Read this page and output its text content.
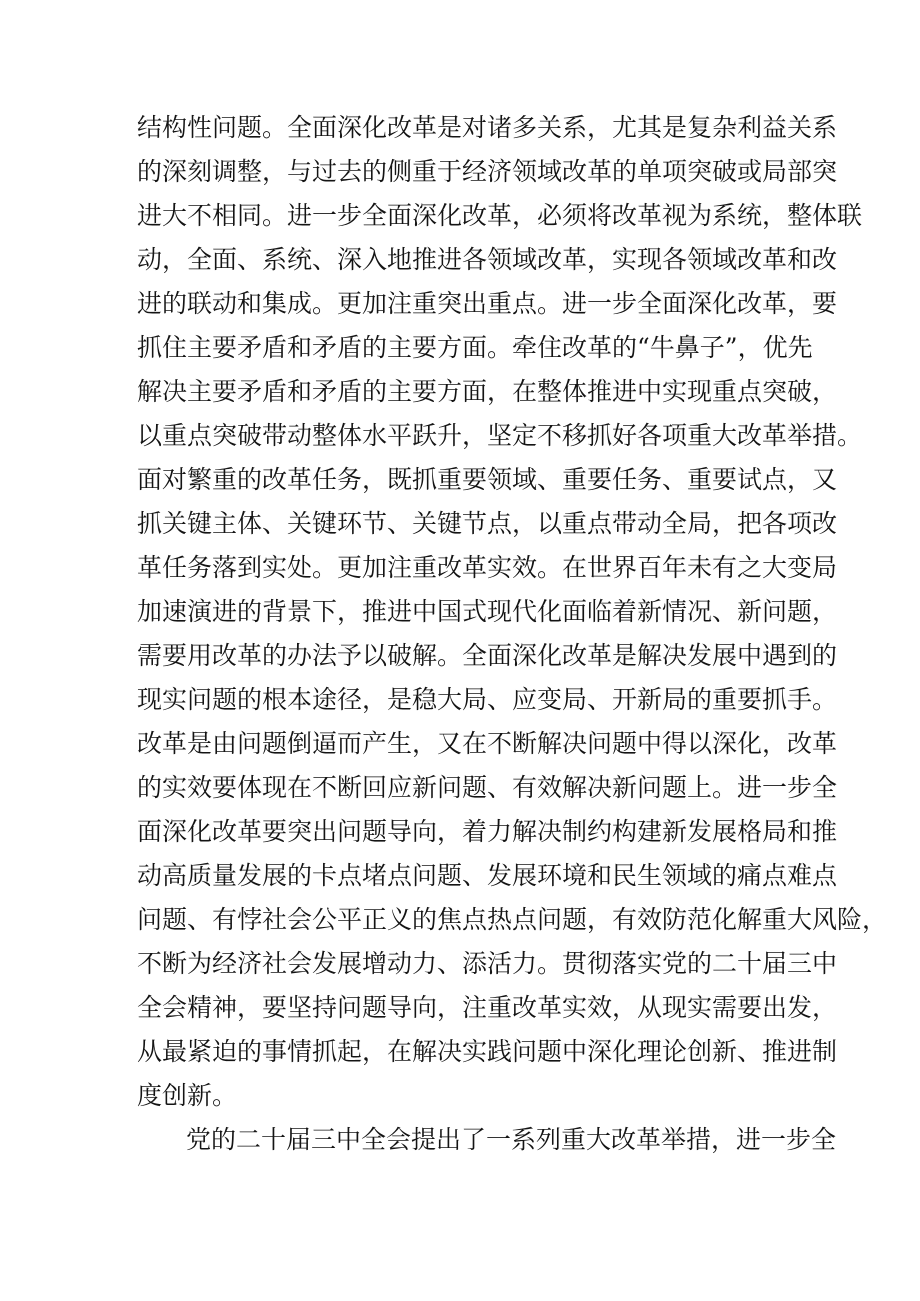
结构性问题。全面深化改革是对诸多关系，尤其是复杂利益关系
的深刻调整，与过去的侧重于经济领域改革的单项突破或局部突
进大不相同。进一步全面深化改革，必须将改革视为系统，整体联
动，全面、系统、深入地推进各领域改革，实现各领域改革和改
进的联动和集成。更加注重突出重点。进一步全面深化改革，要
抓住主要矛盾和矛盾的主要方面。牵住改革的“牛鼻子”，优先
解决主要矛盾和矛盾的主要方面，在整体推进中实现重点突破，
以重点突破带动整体水平跃升，坚定不移抓好各项重大改革举措。
面对繁重的改革任务，既抓重要领域、重要任务、重要试点，又
抓关键主体、关键环节、关键节点，以重点带动全局，把各项改
革任务落到实处。更加注重改革实效。在世界百年未有之大变局
加速演进的背景下，推进中国式现代化面临着新情况、新问题，
需要用改革的办法予以破解。全面深化改革是解决发展中遇到的
现实问题的根本途径，是稳大局、应变局、开新局的重要抓手。
改革是由问题倒逼而产生，又在不断解决问题中得以深化，改革
的实效要体现在不断回应新问题、有效解决新问题上。进一步全
面深化改革要突出问题导向，着力解决制约构建新发展格局和推
动高质量发展的卡点堵点问题、发展环境和民生领域的痛点难点
问题、有悖社会公平正义的焦点热点问题，有效防范化解重大风险，
不断为经济社会发展增动力、添活力。贯彻落实党的二十届三中
全会精神，要坚持问题导向，注重改革实效，从现实需要出发，
从最紧迫的事情抓起，在解决实践问题中深化理论创新、推进制
度创新。
党的二十届三中全会提出了一系列重大改革举措，进一步全
